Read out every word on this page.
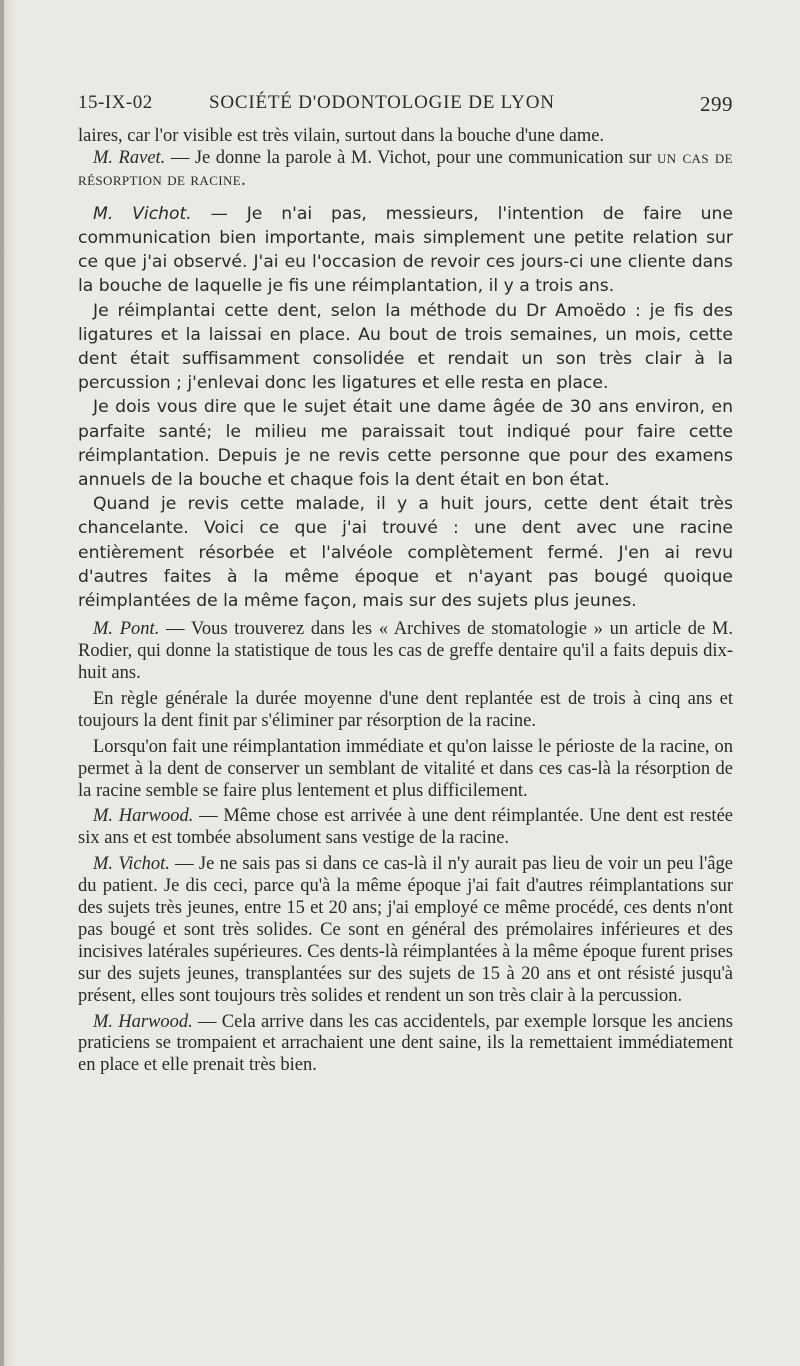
15-IX-02	SOCIÉTÉ D'ODONTOLOGIE DE LYON	299

laires, car l'or visible est très vilain, surtout dans la bouche d'une dame.

M. Ravet. — Je donne la parole à M. Vichot, pour une communication sur un cas de résorption de racine.

M. Vichot. — Je n'ai pas, messieurs, l'intention de faire une communication bien importante, mais simplement une petite relation sur ce que j'ai observé. J'ai eu l'occasion de revoir ces jours-ci une cliente dans la bouche de laquelle je fis une réimplantation, il y a trois ans.

Je réimplantai cette dent, selon la méthode du Dr Amoëdo : je fis des ligatures et la laissai en place. Au bout de trois semaines, un mois, cette dent était suffisamment consolidée et rendait un son très clair à la percussion ; j'enlevai donc les ligatures et elle resta en place.

Je dois vous dire que le sujet était une dame âgée de 30 ans environ, en parfaite santé; le milieu me paraissait tout indiqué pour faire cette réimplantation. Depuis je ne revis cette personne que pour des examens annuels de la bouche et chaque fois la dent était en bon état.

Quand je revis cette malade, il y a huit jours, cette dent était très chancelante. Voici ce que j'ai trouvé : une dent avec une racine entièrement résorbée et l'alvéole complètement fermé. J'en ai revu d'autres faites à la même époque et n'ayant pas bougé quoique réimplantées de la même façon, mais sur des sujets plus jeunes.

M. Pont. — Vous trouverez dans les « Archives de stomatologie » un article de M. Rodier, qui donne la statistique de tous les cas de greffe dentaire qu'il a faits depuis dix-huit ans.

En règle générale la durée moyenne d'une dent replantée est de trois à cinq ans et toujours la dent finit par s'éliminer par résorption de la racine.

Lorsqu'on fait une réimplantation immédiate et qu'on laisse le périoste de la racine, on permet à la dent de conserver un semblant de vitalité et dans ces cas-là la résorption de la racine semble se faire plus lentement et plus difficilement.

M. Harwood. — Même chose est arrivée à une dent réimplantée. Une dent est restée six ans et est tombée absolument sans vestige de la racine.

M. Vichot. — Je ne sais pas si dans ce cas-là il n'y aurait pas lieu de voir un peu l'âge du patient. Je dis ceci, parce qu'à la même époque j'ai fait d'autres réimplantations sur des sujets très jeunes, entre 15 et 20 ans; j'ai employé ce même procédé, ces dents n'ont pas bougé et sont très solides. Ce sont en général des prémolaires inférieures et des incisives latérales supérieures. Ces dents-là réimplantées à la même époque furent prises sur des sujets jeunes, transplantées sur des sujets de 15 à 20 ans et ont résisté jusqu'à présent, elles sont toujours très solides et rendent un son très clair à la percussion.

M. Harwood. — Cela arrive dans les cas accidentels, par exemple lorsque les anciens praticiens se trompaient et arrachaient une dent saine, ils la remettaient immédiatement en place et elle prenait très bien.
